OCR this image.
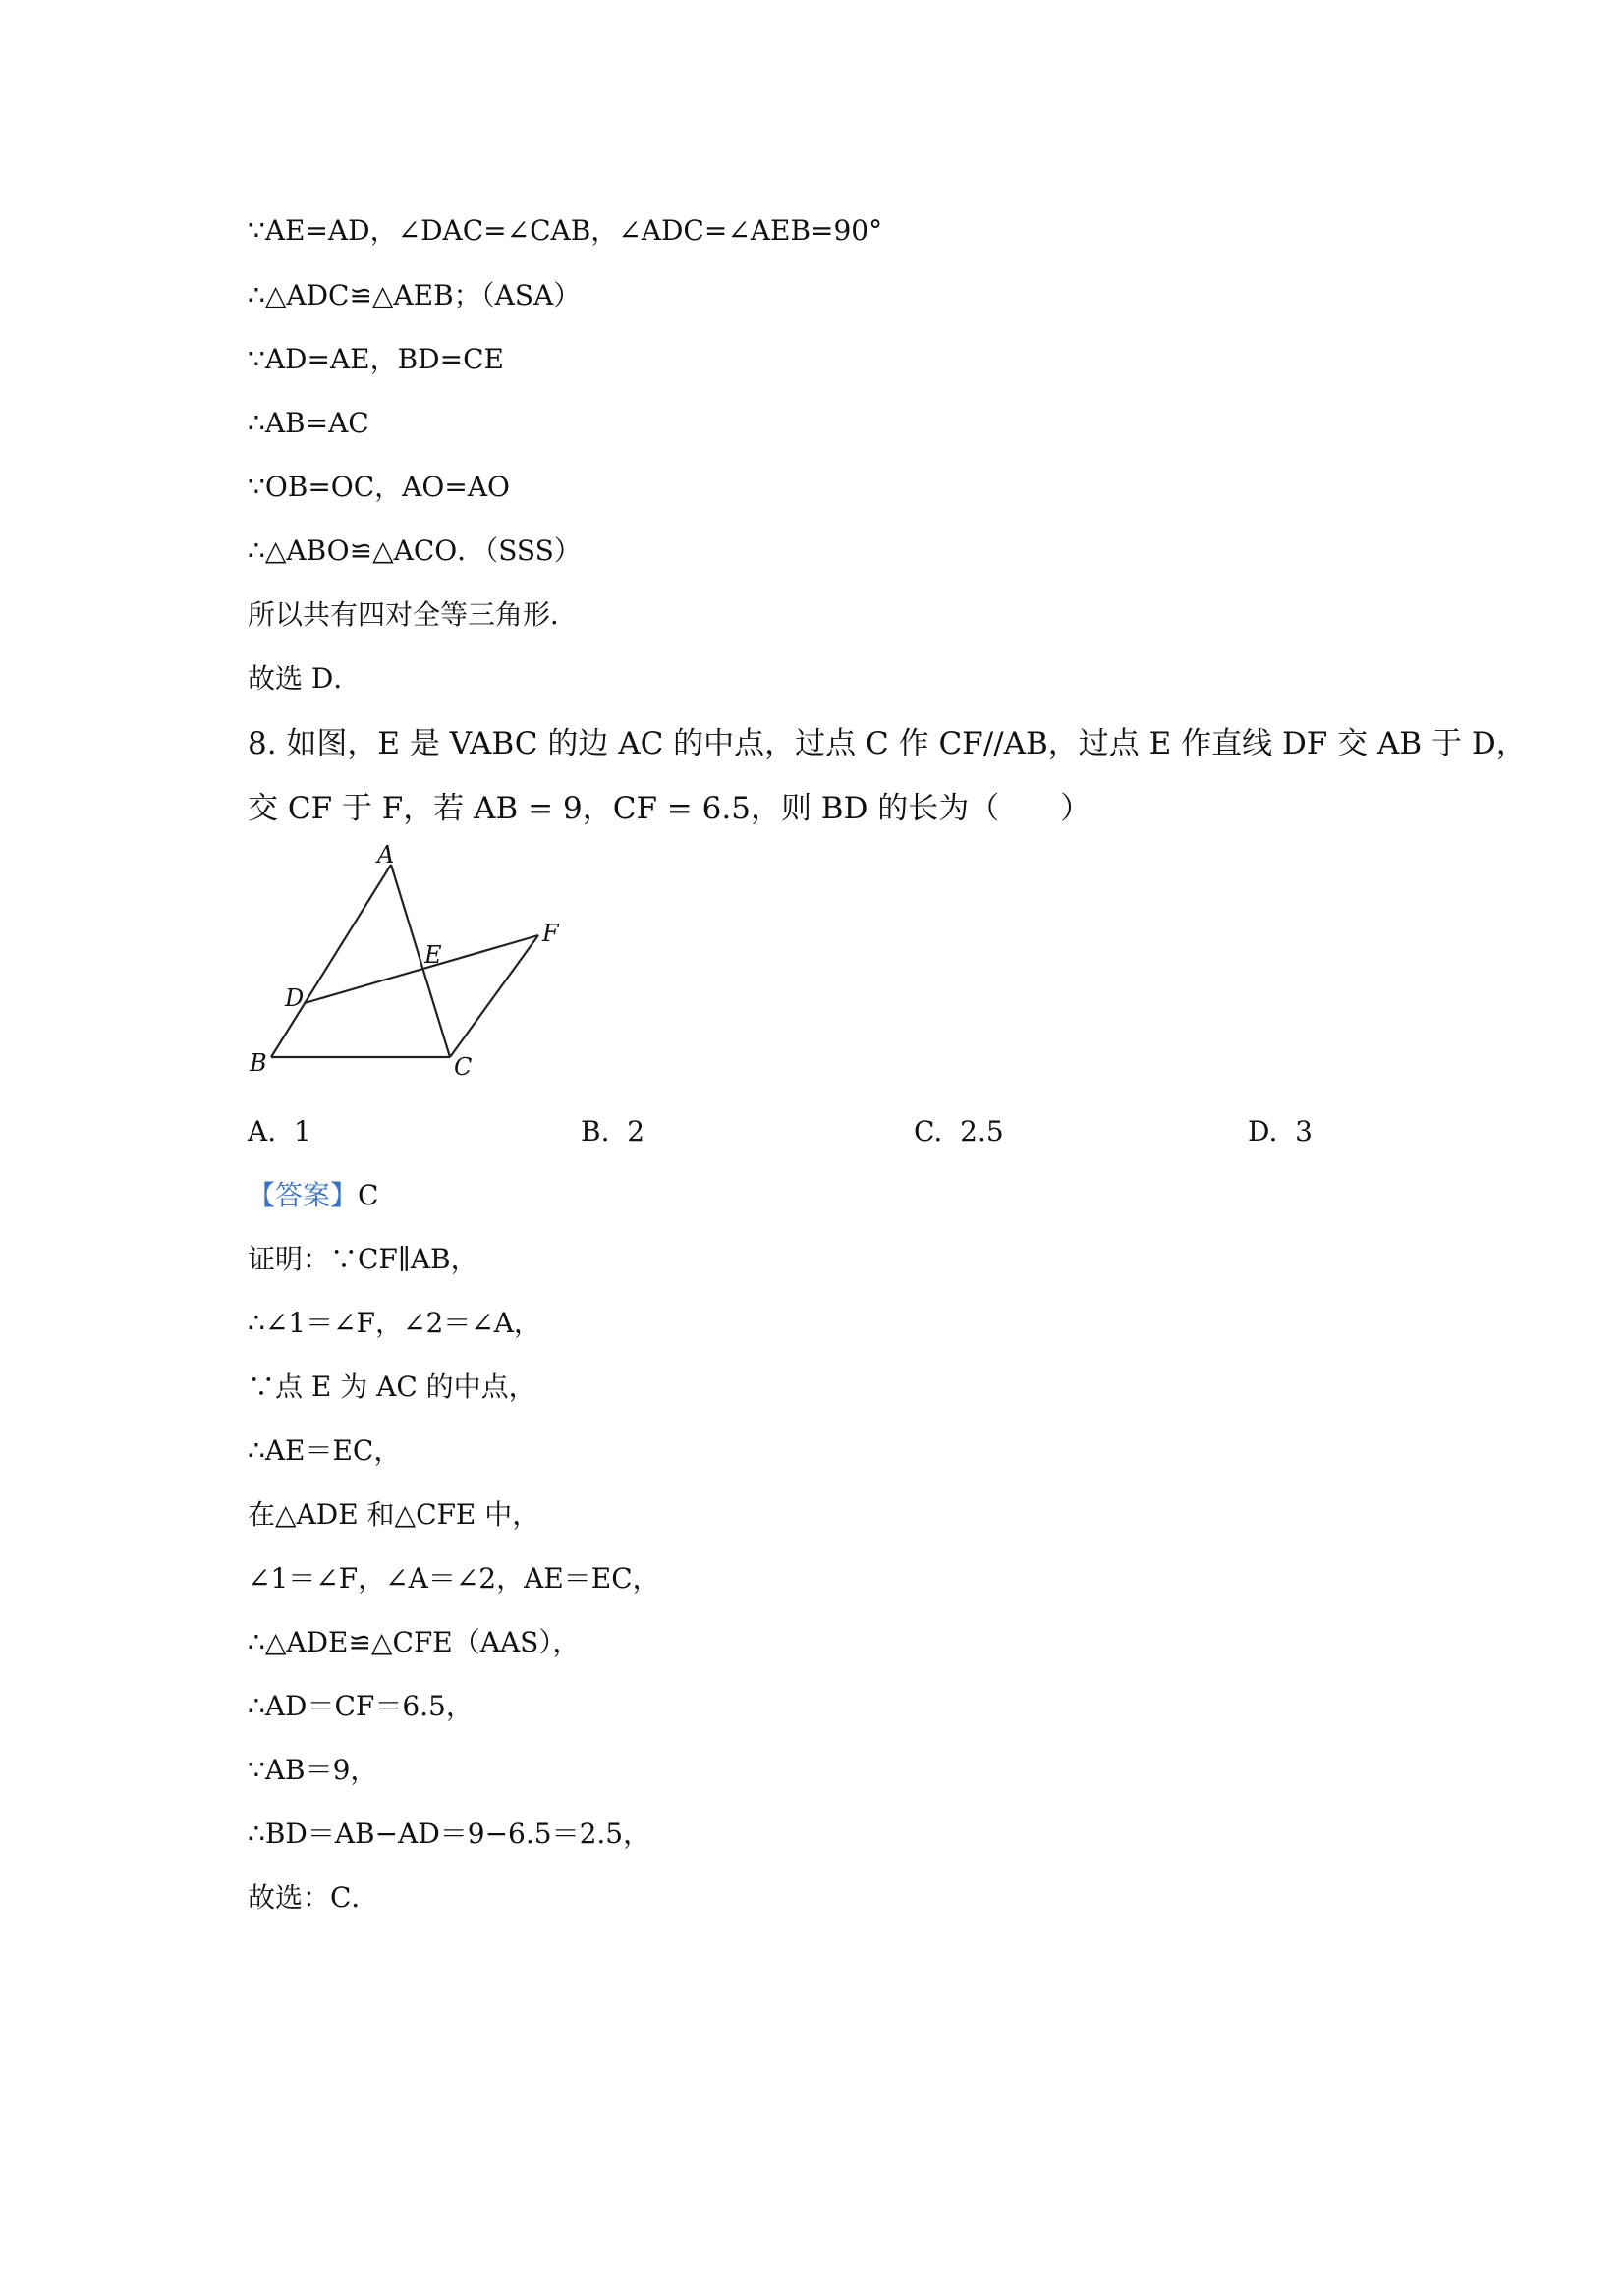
∵AE=AD，∠DAC=∠CAB，∠ADC=∠AEB=90°
∴△ADC≌△AEB；（ASA）
∵AD=AE，BD=CE
∴AB=AC
∵OB=OC，AO=AO
∴△ABO≌△ACO．（SSS）
所以共有四对全等三角形．
故选 D．
8. 如图，E 是 VABC 的边 AC 的中点，过点 C 作 CF//AB，过点 E 作直线 DF 交 AB 于 D，
交 CF 于 F，若 AB = 9，CF = 6.5，则 BD 的长为（　　）
A
B	C
D
E
F
A. 1	B. 2	C. 2.5	D. 3
【答案】C
证明：∵CF∥AB，
∴∠1＝∠F，∠2＝∠A，
∵点 E 为 AC 的中点，
∴AE＝EC，
在△ADE 和△CFE 中，
∠1＝∠F，∠A＝∠2，AE＝EC，
∴△ADE≌△CFE（AAS），
∴AD＝CF＝6.5，
∵AB＝9，
∴BD＝AB−AD＝9−6.5＝2.5，
故选：C．
